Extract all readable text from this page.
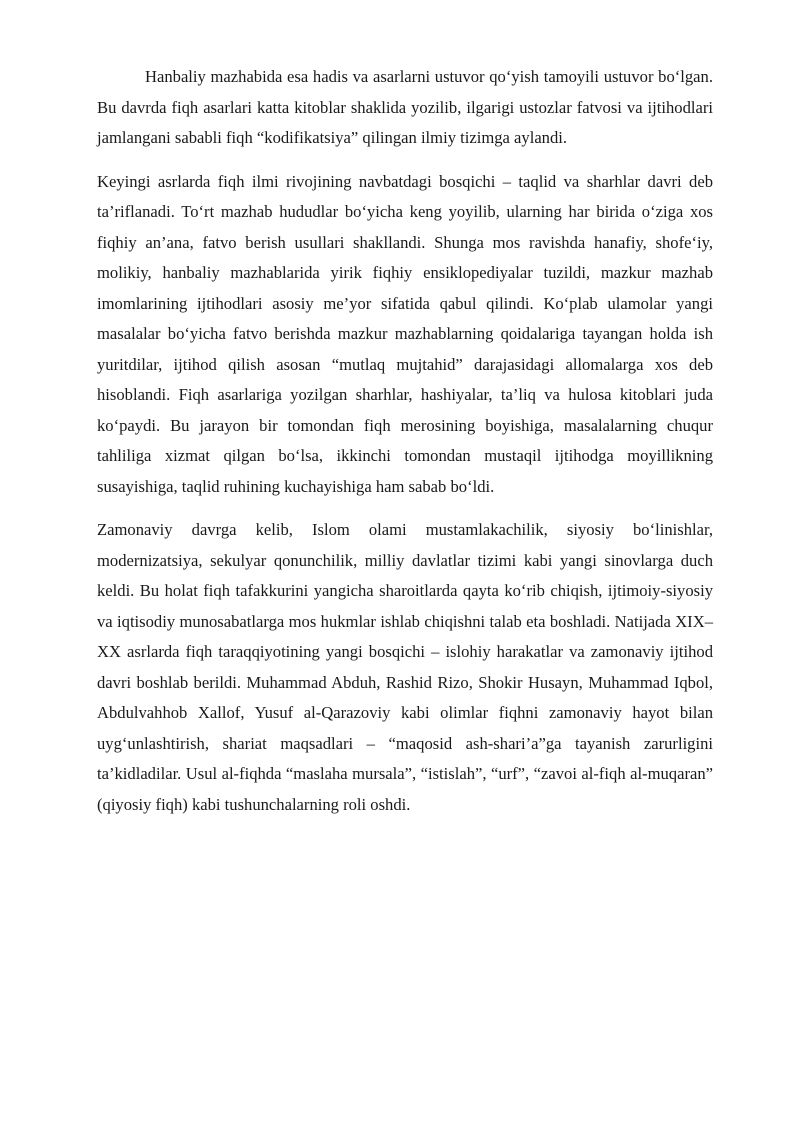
Hanbaliy mazhabida esa hadis va asarlarni ustuvor qo‘yish tamoyili ustuvor bo‘lgan. Bu davrda fiqh asarlari katta kitoblar shaklida yozilib, ilgarigi ustozlar fatvosi va ijtihodlari jamlangani sababli fiqh “kodifikatsiya” qilingan ilmiy tizimga aylandi.

Keyingi asrlarda fiqh ilmi rivojining navbatdagi bosqichi – taqlid va sharhlar davri deb ta’riflanadi. To‘rt mazhab hududlar bo‘yicha keng yoyilib, ularning har birida o‘ziga xos fiqhiy an’ana, fatvo berish usullari shakllandi. Shunga mos ravishda hanafiy, shofe‘iy, molikiy, hanbaliy mazhablarida yirik fiqhiy ensiklopediyalar tuzildi, mazkur mazhab imomlarining ijtihodlari asosiy me’yor sifatida qabul qilindi. Ko‘plab ulamolar yangi masalalar bo‘yicha fatvo berishda mazkur mazhablarning qoidalariga tayangan holda ish yuritdilar, ijtihod qilish asosan “mutlaq mujtahid” darajasidagi allomalarga xos deb hisoblandi. Fiqh asarlariga yozilgan sharhlar, hashiyalar, ta’liq va hulosa kitoblari juda ko‘paydi. Bu jarayon bir tomondan fiqh merosining boyishiga, masalalarning chuqur tahliliga xizmat qilgan bo‘lsa, ikkinchi tomondan mustaqil ijtihodga moyillikning susayishiga, taqlid ruhining kuchayishiga ham sabab bo‘ldi.

Zamonaviy davrga kelib, Islom olami mustamlakachilik, siyosiy bo‘linishlar, modernizatsiya, sekulyar qonunchilik, milliy davlatlar tizimi kabi yangi sinovlarga duch keldi. Bu holat fiqh tafakkurini yangicha sharoitlarda qayta ko‘rib chiqish, ijtimoiy-siyosiy va iqtisodiy munosabatlarga mos hukmlar ishlab chiqishni talab eta boshladi. Natijada XIX–XX asrlarda fiqh taraqqiyotining yangi bosqichi – islohiy harakatlar va zamonaviy ijtihod davri boshlab berildi. Muhammad Abduh, Rashid Rizo, Shokir Husayn, Muhammad Iqbol, Abdulvahhob Xallof, Yusuf al-Qarazoviy kabi olimlar fiqhni zamonaviy hayot bilan uyg‘unlashtirish, shariat maqsadlari – “maqosid ash-shari’a”ga tayanish zarurligini ta’kidladilar. Usul al-fiqhda “maslaha mursala”, “istislah”, “urf”, “zavoi al-fiqh al-muqaran” (qiyosiy fiqh) kabi tushunchalarning roli oshdi.
